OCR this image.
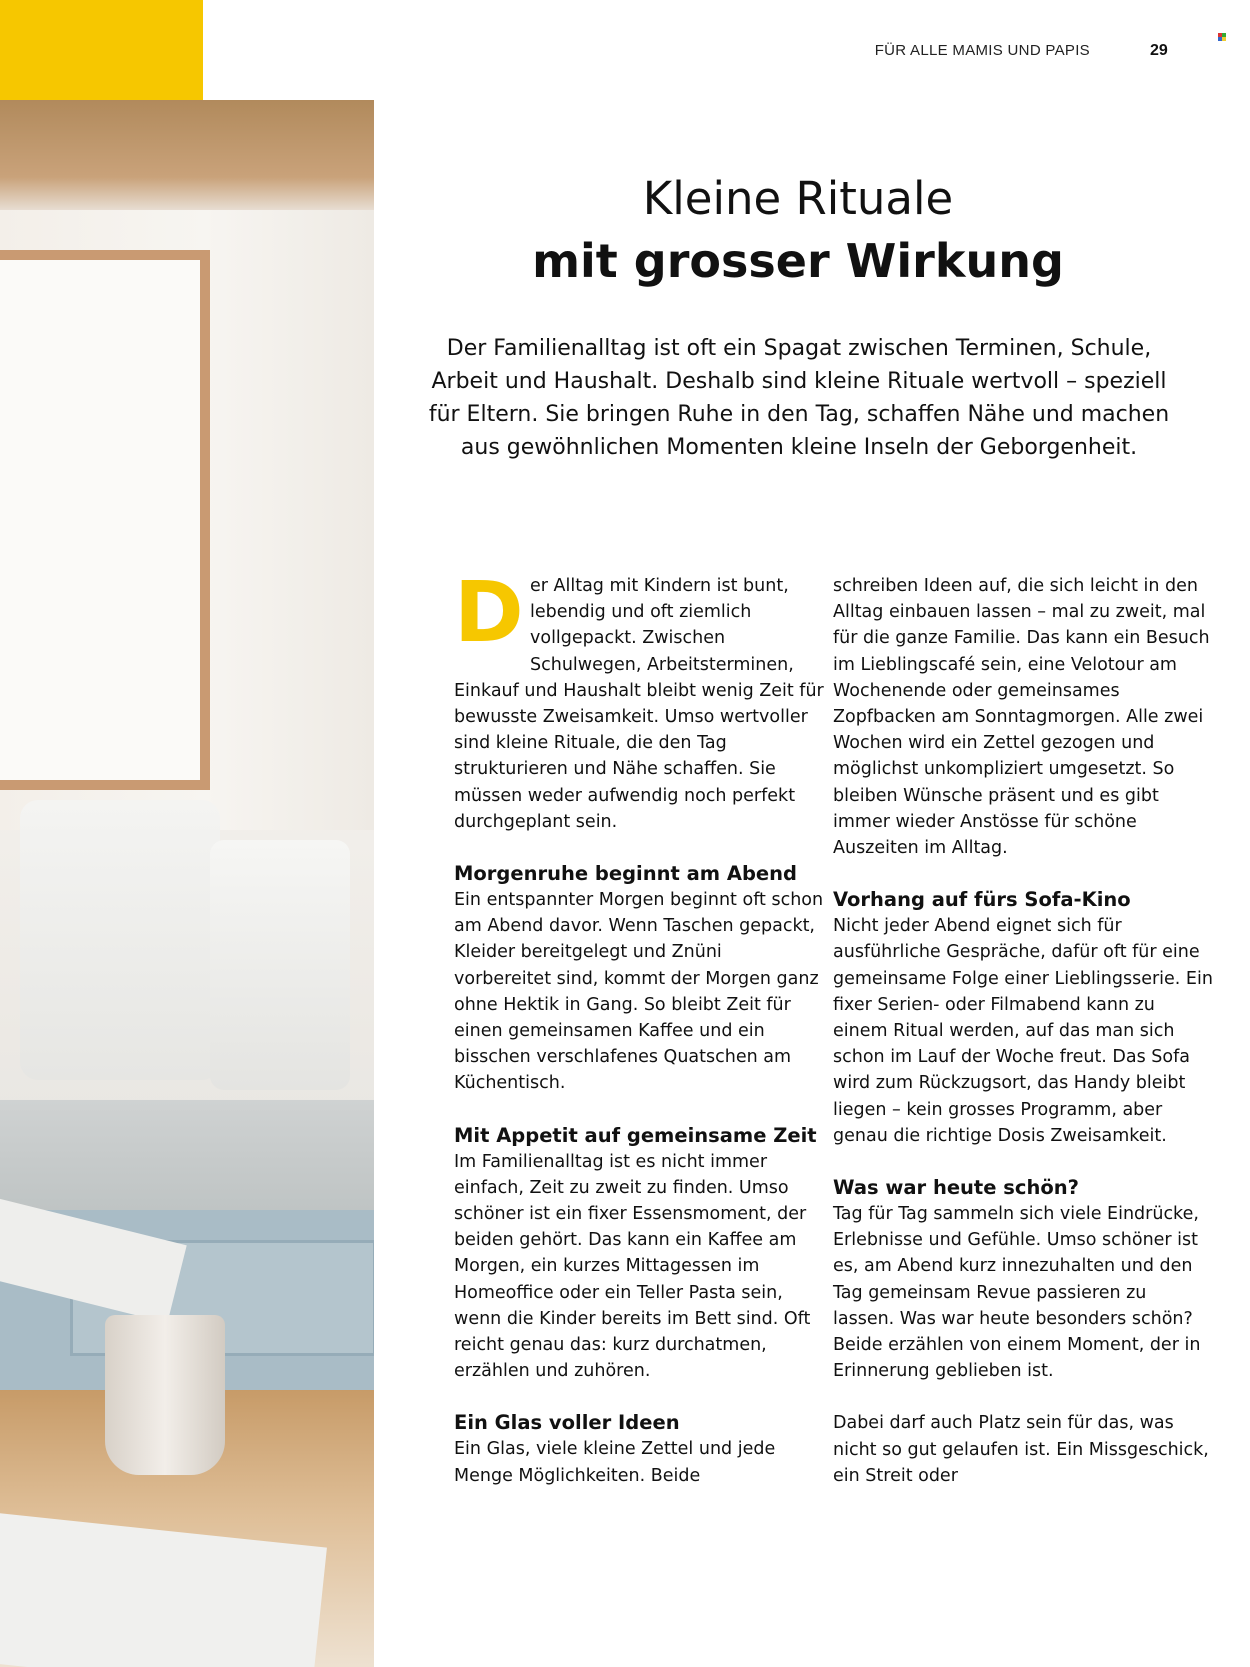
FÜR ALLE MAMIS UND PAPIS	29
Kleine Rituale
mit grosser Wirkung

Der Familienalltag ist oft ein Spagat zwischen Terminen, Schule, Arbeit und Haushalt. Deshalb sind kleine Rituale wertvoll – speziell für Eltern. Sie bringen Ruhe in den Tag, schaffen Nähe und machen aus gewöhnlichen Momenten kleine Inseln der Geborgenheit.

D er Alltag mit Kindern ist bunt, lebendig und oft ziemlich vollgepackt. Zwischen Schulwegen, Arbeitsterminen, Einkauf und Haushalt bleibt wenig Zeit für bewusste Zweisamkeit. Umso wertvoller sind kleine Rituale, die den Tag strukturieren und Nähe schaffen. Sie müssen weder aufwendig noch perfekt durchgeplant sein.

Morgenruhe beginnt am Abend

Ein entspannter Morgen beginnt oft schon am Abend davor. Wenn Taschen gepackt, Kleider bereitgelegt und Znüni vorbereitet sind, kommt der Morgen ganz ohne Hektik in Gang. So bleibt Zeit für einen gemeinsamen Kaffee und ein bisschen verschlafenes Quatschen am Küchentisch.

Mit Appetit auf gemeinsame Zeit

Im Familienalltag ist es nicht immer einfach, Zeit zu zweit zu finden. Umso schöner ist ein fixer Essensmoment, der beiden gehört. Das kann ein Kaffee am Morgen, ein kurzes Mittagessen im Homeoffice oder ein Teller Pasta sein, wenn die Kinder bereits im Bett sind. Oft reicht genau das: kurz durchatmen, erzählen und zuhören.

Ein Glas voller Ideen

Ein Glas, viele kleine Zettel und jede Menge Möglichkeiten. Beide

schreiben Ideen auf, die sich leicht in den Alltag einbauen lassen – mal zu zweit, mal für die ganze Familie. Das kann ein Besuch im Lieblingscafé sein, eine Velotour am Wochenende oder gemeinsames Zopfbacken am Sonntagmorgen. Alle zwei Wochen wird ein Zettel gezogen und möglichst unkompliziert umgesetzt. So bleiben Wünsche präsent und es gibt immer wieder Anstösse für schöne Auszeiten im Alltag.

Vorhang auf fürs Sofa-Kino

Nicht jeder Abend eignet sich für ausführliche Gespräche, dafür oft für eine gemeinsame Folge einer Lieblingsserie. Ein fixer Serien- oder Filmabend kann zu einem Ritual werden, auf das man sich schon im Lauf der Woche freut. Das Sofa wird zum Rückzugsort, das Handy bleibt liegen – kein grosses Programm, aber genau die richtige Dosis Zweisamkeit.

Was war heute schön?

Tag für Tag sammeln sich viele Eindrücke, Erlebnisse und Gefühle. Umso schöner ist es, am Abend kurz innezuhalten und den Tag gemeinsam Revue passieren zu lassen. Was war heute besonders schön? Beide erzählen von einem Moment, der in Erinnerung geblieben ist.

Dabei darf auch Platz sein für das, was nicht so gut gelaufen ist. Ein Missgeschick, ein Streit oder
